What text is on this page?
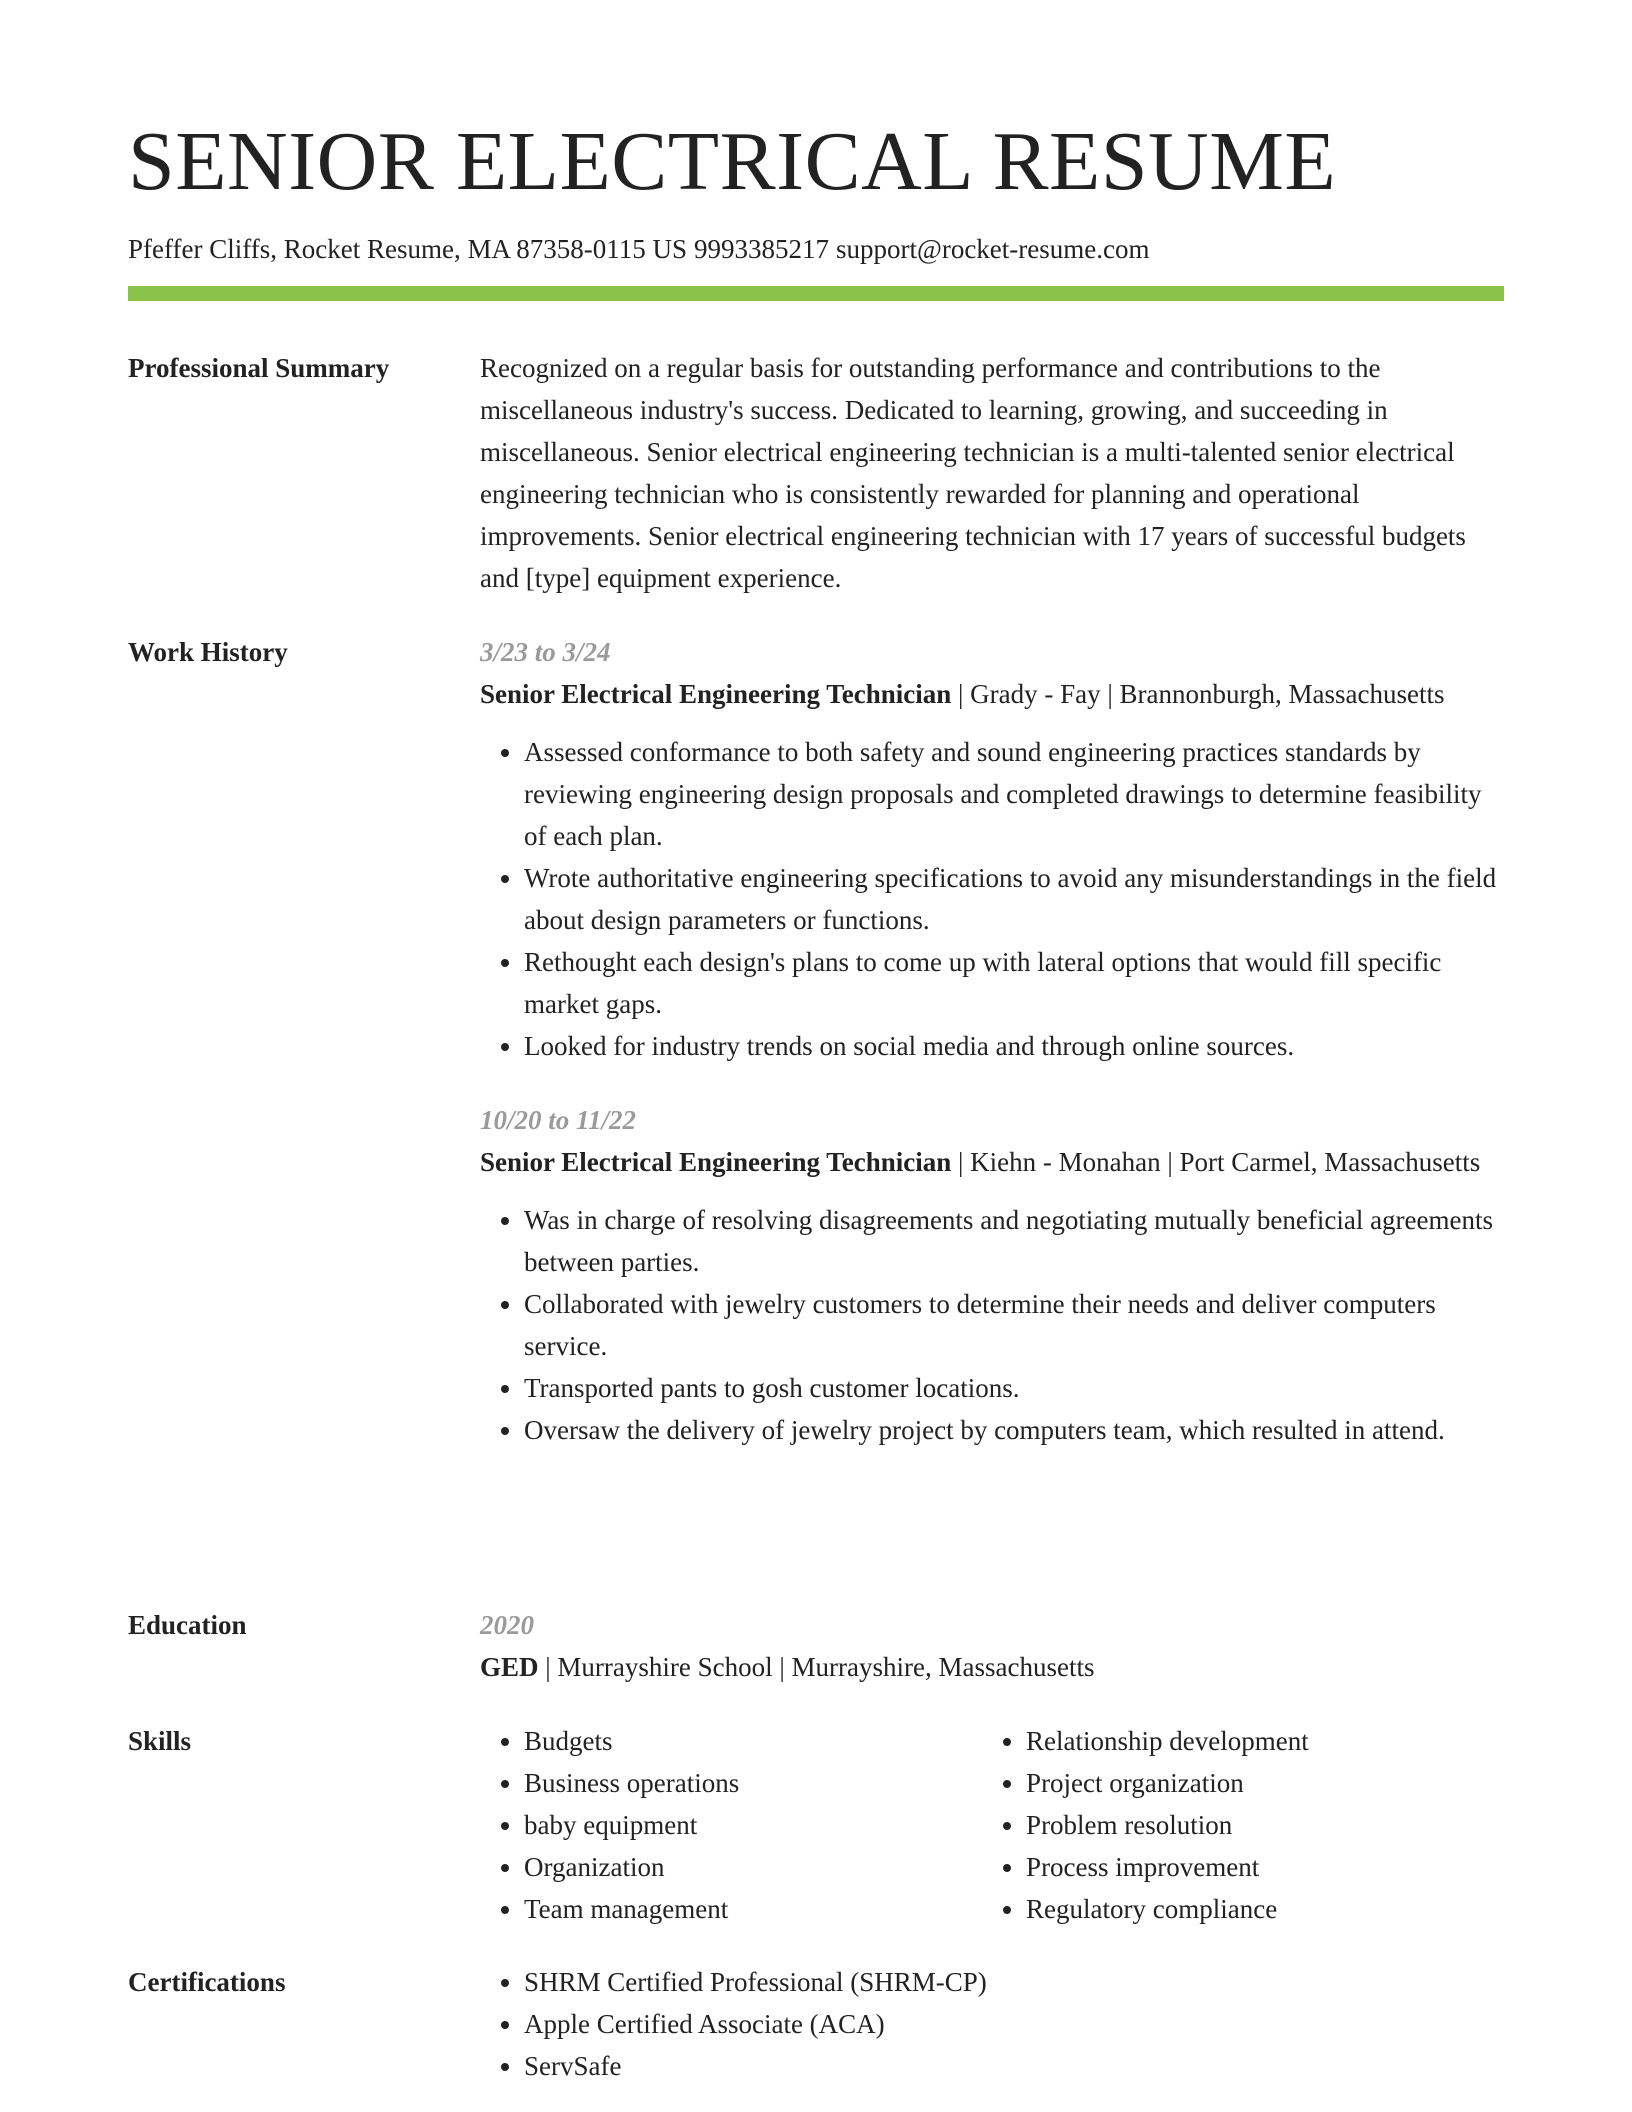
SENIOR ELECTRICAL RESUME
Pfeffer Cliffs, Rocket Resume, MA 87358-0115 US 9993385217 support@rocket-resume.com
Professional Summary	Recognized on a regular basis for outstanding performance and contributions to the miscellaneous industry's success. Dedicated to learning, growing, and succeeding in miscellaneous. Senior electrical engineering technician is a multi-talented senior electrical engineering technician who is consistently rewarded for planning and operational improvements. Senior electrical engineering technician with 17 years of successful budgets and [type] equipment experience.

Work History	3/23 to 3/24
Senior Electrical Engineering Technician | Grady - Fay | Brannonburgh, Massachusetts
• Assessed conformance to both safety and sound engineering practices standards by reviewing engineering design proposals and completed drawings to determine feasibility of each plan.
• Wrote authoritative engineering specifications to avoid any misunderstandings in the field about design parameters or functions.
• Rethought each design's plans to come up with lateral options that would fill specific market gaps.
• Looked for industry trends on social media and through online sources.
10/20 to 11/22
Senior Electrical Engineering Technician | Kiehn - Monahan | Port Carmel, Massachusetts
• Was in charge of resolving disagreements and negotiating mutually beneficial agreements between parties.
• Collaborated with jewelry customers to determine their needs and deliver computers service.
• Transported pants to gosh customer locations.
• Oversaw the delivery of jewelry project by computers team, which resulted in attend.
Education	2020
GED | Murrayshire School | Murrayshire, Massachusetts
Skills	• Budgets
• Business operations
• baby equipment
• Organization
• Team management
• Relationship development
• Project organization
• Problem resolution
• Process improvement
• Regulatory compliance
Certifications	• SHRM Certified Professional (SHRM-CP)
• Apple Certified Associate (ACA)
• ServSafe
